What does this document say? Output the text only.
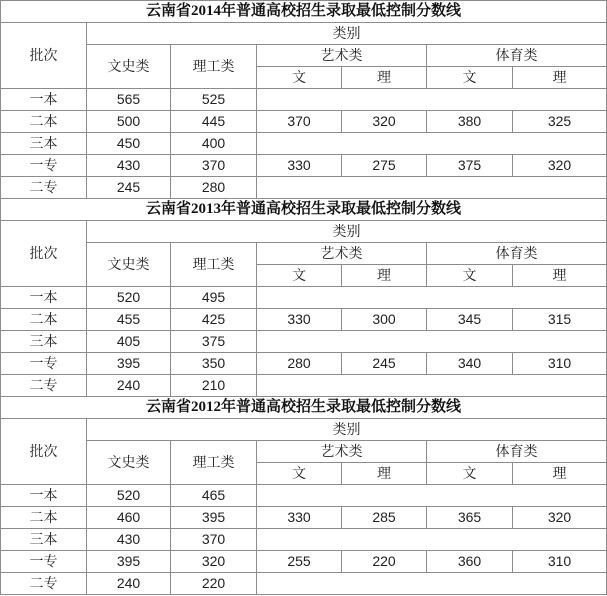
云南省2014年普通高校招生录取最低控制分数线						
批次	类别					
	文史类	理工类	艺术类		体育类	
			文	理	文	理
一本	565	525				
二本	500	445	370	320	380	325
三本	450	400				
一专	430	370	330	275	375	320
二专	245	280				
云南省2013年普通高校招生录取最低控制分数线						
批次	类别					
	文史类	理工类	艺术类		体育类	
			文	理	文	理
一本	520	495				
二本	455	425	330	300	345	315
三本	405	375				
一专	395	350	280	245	340	310
二专	240	210				
云南省2012年普通高校招生录取最低控制分数线						
批次	类别					
	文史类	理工类	艺术类		体育类	
			文	理	文	理
一本	520	465				
二本	460	395	330	285	365	320
三本	430	370				
一专	395	320	255	220	360	310
二专	240	220				
